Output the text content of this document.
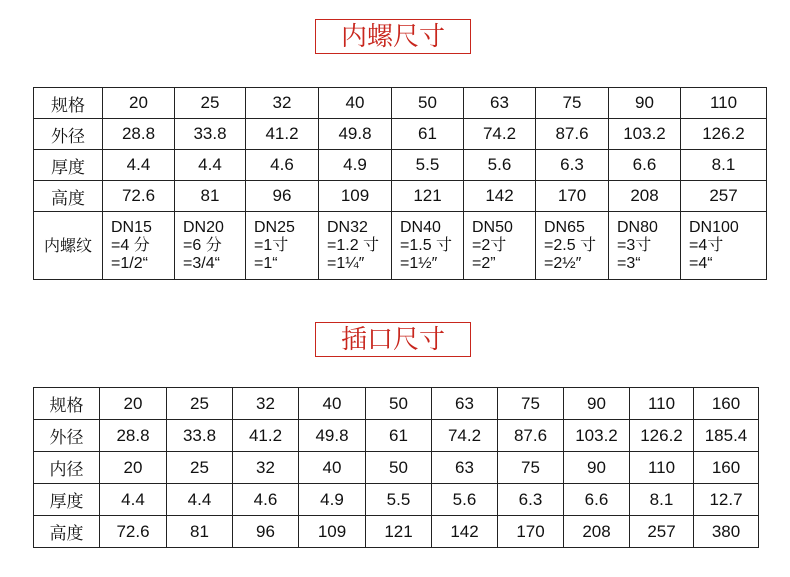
内螺尺寸
规格	20	25	32	40	50	63	75	90	110
外径	28.8	33.8	41.2	49.8	61	74.2	87.6	103.2	126.2
厚度	4.4	4.4	4.6	4.9	5.5	5.6	6.3	6.6	8.1
高度	72.6	81	96	109	121	142	170	208	257
内螺纹	DN15
=4 分
=1/2“	DN20
=6 分
=3/4“	DN25
=1寸
=1“	DN32
=1.2 寸
=1¼″	DN40
=1.5 寸
=1½″	DN50
=2寸
=2”	DN65
=2.5 寸
=2½″	DN80
=3寸
=3“	DN100
=4寸
=4“
插口尺寸
规格	20	25	32	40	50	63	75	90	110	160
外径	28.8	33.8	41.2	49.8	61	74.2	87.6	103.2	126.2	185.4
内径	20	25	32	40	50	63	75	90	110	160
厚度	4.4	4.4	4.6	4.9	5.5	5.6	6.3	6.6	8.1	12.7
高度	72.6	81	96	109	121	142	170	208	257	380
